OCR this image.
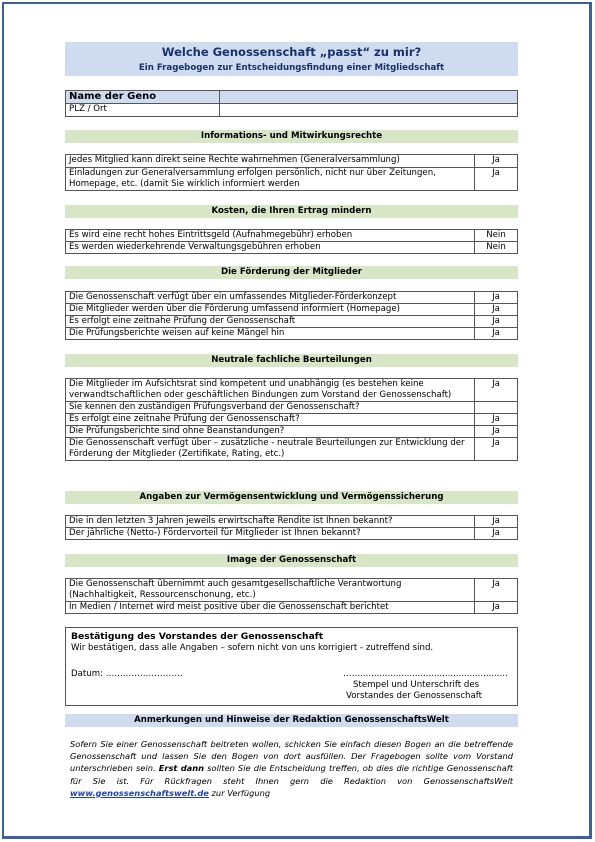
Welche Genossenschaft „passt“ zu mir?
Ein Fragebogen zur Entscheidungsfindung einer Mitgliedschaft
Name der Geno	
PLZ / Ort	
Informations- und Mitwirkungsrechte
Jedes Mitglied kann direkt seine Rechte wahrnehmen (Generalversammlung)	Ja
Einladungen zur Generalversammlung erfolgen persönlich, nicht nur über Zeitungen, Homepage, etc. (damit Sie wirklich informiert werden	Ja
Kosten, die Ihren Ertrag mindern
Es wird eine recht hohes Eintrittsgeld (Aufnahmegebühr) erhoben	Nein
Es werden wiederkehrende Verwaltungsgebühren erhoben	Nein
Die Förderung der Mitglieder
Die Genossenschaft verfügt über ein umfassendes Mitglieder-Förderkonzept	Ja
Die Mitglieder werden über die Förderung umfassend informiert (Homepage)	Ja
Es erfolgt eine zeitnahe Prüfung der Genossenschaft	Ja
Die Prüfungsberichte weisen auf keine Mängel hin	Ja
Neutrale fachliche Beurteilungen
Die Mitglieder im Aufsichtsrat sind kompetent und unabhängig (es bestehen keine verwandtschaftlichen oder geschäftlichen Bindungen zum Vorstand der Genossenschaft)	Ja
Sie kennen den zuständigen Prüfungsverband der Genossenschaft?	
Es erfolgt eine zeitnahe Prüfung der Genossenschaft?	Ja
Die Prüfungsberichte sind ohne Beanstandungen?	Ja
Die Genossenschaft verfügt über – zusätzliche - neutrale Beurteilungen zur Entwicklung der Förderung der Mitglieder (Zertifikate, Rating, etc.)	Ja
Angaben zur Vermögensentwicklung und Vermögenssicherung
Die in den letzten 3 Jahren jeweils erwirtschafte Rendite ist Ihnen bekannt?	Ja
Der jährliche (Netto-) Fördervorteil für Mitglieder ist Ihnen bekannt?	Ja
Image der Genossenschaft
Die Genossenschaft übernimmt auch gesamtgesellschaftliche Verantwortung (Nachhaltigkeit, Ressourcenschonung, etc.)	Ja
In Medien / Internet wird meist positive über die Genossenschaft berichtet	Ja
Bestätigung des Vorstandes der Genossenschaft
Wir bestätigen, dass alle Angaben – sofern nicht von uns korrigiert - zutreffend sind.
Datum: ……..……………….	……......................................................
Stempel und Unterschrift des
Vorstandes der Genossenschaft
Anmerkungen und Hinweise der Redaktion GenossenschaftsWelt
Sofern Sie einer Genossenschaft beitreten wollen, schicken Sie einfach diesen Bogen an die betreffende Genossenschaft und lassen Sie den Bogen von dort ausfüllen. Der Fragebogen sollte vom Vorstand unterschrieben sein. Erst dann sollten Sie die Entscheidung treffen, ob dies die richtige Genossenschaft für Sie ist. Für Rückfragen steht Ihnen gern die Redaktion von GenossenschaftsWelt www.genossenschaftswelt.de zur Verfügung
